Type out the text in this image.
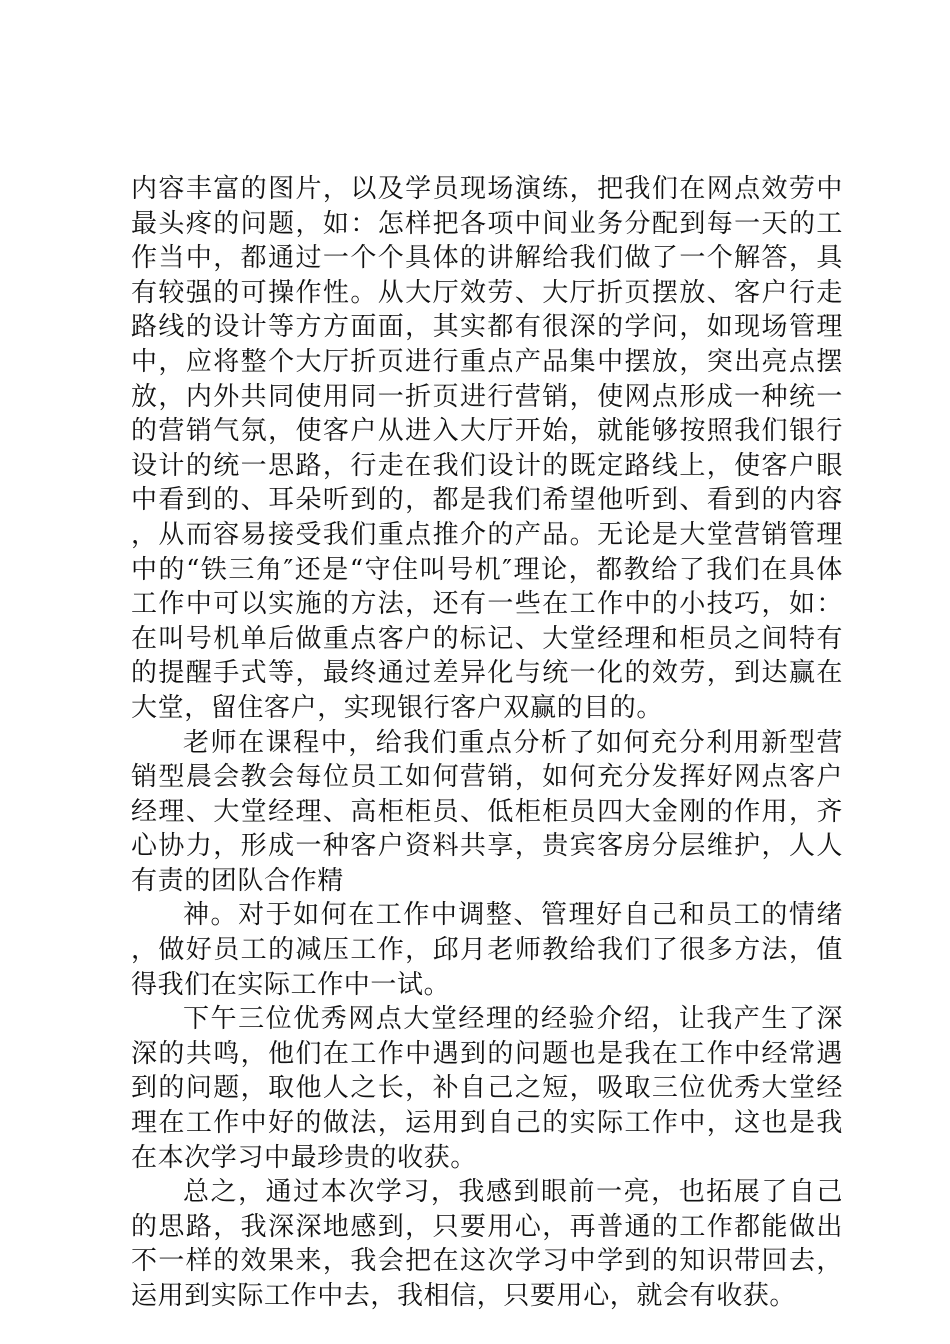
内容丰富的图片，以及学员现场演练，把我们在网点效劳中最头疼的问题，如：怎样把各项中间业务分配到每一天的工作当中，都通过一个个具体的讲解给我们做了一个解答，具有较强的可操作性。从大厅效劳、大厅折页摆放、客户行走路线的设计等方方面面，其实都有很深的学问，如现场管理中，应将整个大厅折页进行重点产品集中摆放，突出亮点摆放，内外共同使用同一折页进行营销，使网点形成一种统一的营销气氛，使客户从进入大厅开始，就能够按照我们银行设计的统一思路，行走在我们设计的既定路线上，使客户眼中看到的、耳朵听到的，都是我们希望他听到、看到的内容，从而容易接受我们重点推介的产品。无论是大堂营销管理中的“铁三角″还是“守住叫号机″理论，都教给了我们在具体工作中可以实施的方法，还有一些在工作中的小技巧，如：在叫号机单后做重点客户的标记、大堂经理和柜员之间特有的提醒手式等，最终通过差异化与统一化的效劳，到达赢在大堂，留住客户，实现银行客户双赢的目的。

老师在课程中，给我们重点分析了如何充分利用新型营销型晨会教会每位员工如何营销，如何充分发挥好网点客户经理、大堂经理、高柜柜员、低柜柜员四大金刚的作用，齐心协力，形成一种客户资料共享，贵宾客房分层维护，人人有责的团队合作精

神。对于如何在工作中调整、管理好自己和员工的情绪，做好员工的减压工作，邱月老师教给我们了很多方法，值得我们在实际工作中一试。

下午三位优秀网点大堂经理的经验介绍，让我产生了深深的共鸣，他们在工作中遇到的问题也是我在工作中经常遇到的问题，取他人之长，补自己之短，吸取三位优秀大堂经理在工作中好的做法，运用到自己的实际工作中，这也是我在本次学习中最珍贵的收获。

总之，通过本次学习，我感到眼前一亮，也拓展了自己的思路，我深深地感到，只要用心，再普通的工作都能做出不一样的效果来，我会把在这次学习中学到的知识带回去，运用到实际工作中去，我相信，只要用心，就会有收获。
